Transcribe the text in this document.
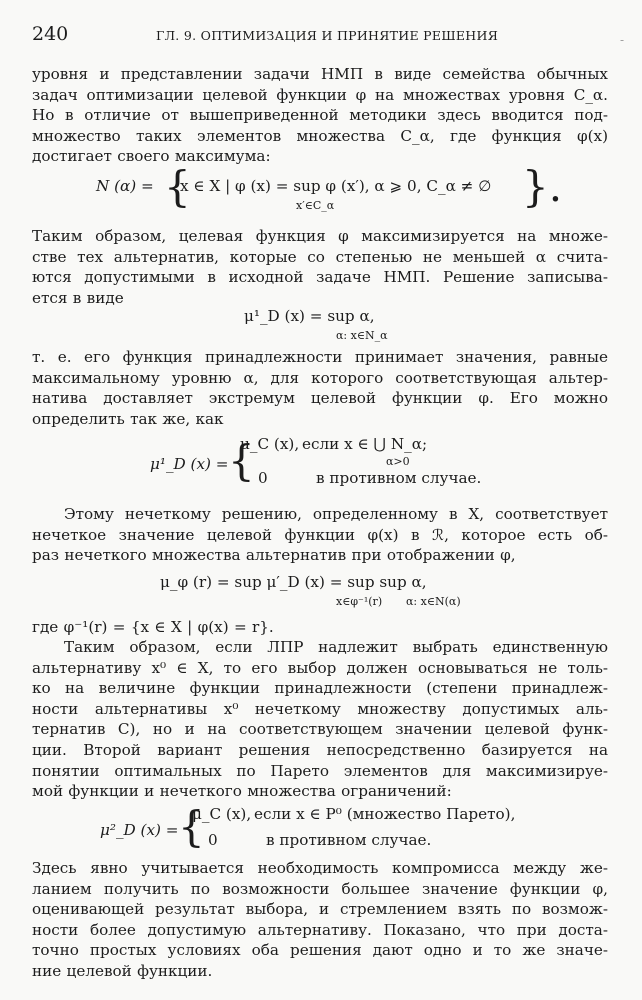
240	ГЛ. 9. ОПТИМИЗАЦИЯ И ПРИНЯТИЕ РЕШЕНИЯ	-
уровня и представлении задачи НМП в виде семейства обычных
задач оптимизации целевой функции φ на множествах уровня C_α.
Но в отличие от вышеприведенной методики здесь вводится под-
множество таких элементов множества C_α, где функция φ(x)
достигает своего максимума:
N (α) = {
x ∈ X | φ (x) = sup φ (x′), α ⩾ 0, C_α ≠ ∅
x′∈C_α	}.
Таким образом, целевая функция φ максимизируется на множе-
стве тех альтернатив, которые со степенью не меньшей α счита-
ются допустимыми в исходной задаче НМП. Решение записыва-
ется в виде
μ¹_D (x) = sup α,
α: x∈N_α
т. е. его функция принадлежности принимает значения, равные
максимальному уровню α, для которого соответствующая альтер-
натива доставляет экстремум целевой функции φ. Его можно
определить так же, как
μ¹_D (x) = {
μ_C (x), если x ∈ ⋃ N_α;
α>0
0	в противном случае.
Этому нечеткому решению, определенному в X, соответствует
нечеткое значение целевой функции φ(x) в ℛ, которое есть об-
раз нечеткого множества альтернатив при отображении φ,
μ_φ (r) = sup μ′_D (x) = sup sup α,
x∈φ⁻¹(r) α: x∈N(α)
где φ⁻¹(r) = {x ∈ X | φ(x) = r}.
Таким образом, если ЛПР надлежит выбрать единственную
альтернативу x⁰ ∈ X, то его выбор должен основываться не толь-
ко на величине функции принадлежности (степени принадлеж-
ности альтернативы x⁰ нечеткому множеству допустимых аль-
тернатив C), но и на соответствующем значении целевой функ-
ции. Второй вариант решения непосредственно базируется на
понятии оптимальных по Парето элементов для максимизируе-
мой функции и нечеткого множества ограничений:
μ²_D (x) = {
μ_C (x), если x ∈ P⁰ (множество Парето),
0	в противном случае.
Здесь явно учитывается необходимость компромисса между же-
ланием получить по возможности большее значение функции φ,
оценивающей результат выбора, и стремлением взять по возмож-
ности более допустимую альтернативу. Показано, что при доста-
точно простых условиях оба решения дают одно и то же значе-
ние целевой функции.
